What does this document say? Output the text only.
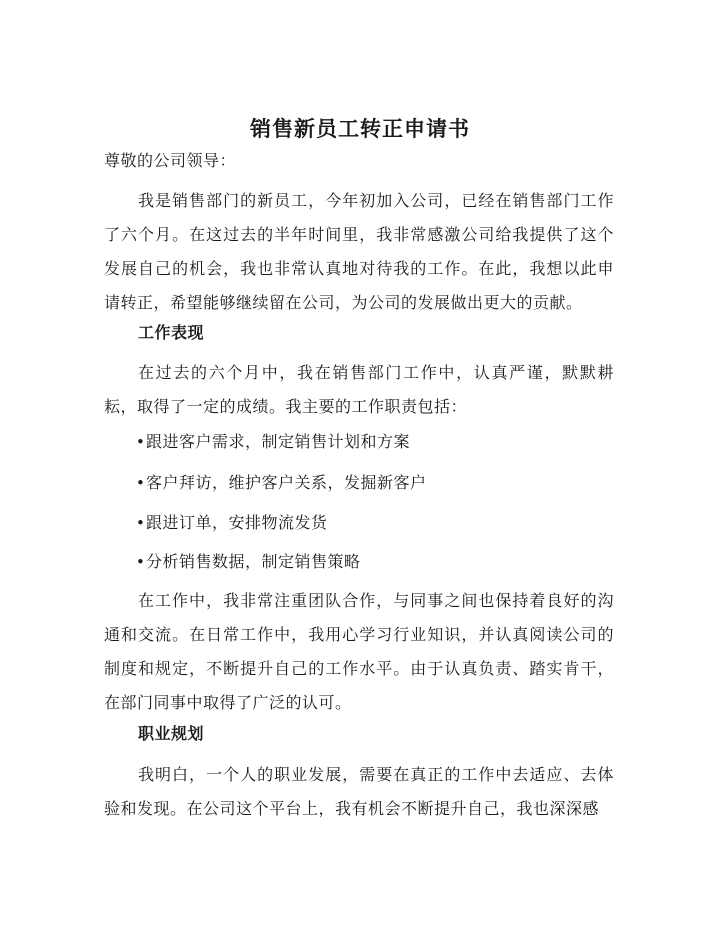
销售新员工转正申请书
尊敬的公司领导：
我是销售部门的新员工，今年初加入公司，已经在销售部门工作了六个月。在这过去的半年时间里，我非常感激公司给我提供了这个发展自己的机会，我也非常认真地对待我的工作。在此，我想以此申请转正，希望能够继续留在公司，为公司的发展做出更大的贡献。
工作表现
在过去的六个月中，我在销售部门工作中，认真严谨，默默耕耘，取得了一定的成绩。我主要的工作职责包括：
•跟进客户需求，制定销售计划和方案
•客户拜访，维护客户关系，发掘新客户
•跟进订单，安排物流发货
•分析销售数据，制定销售策略
在工作中，我非常注重团队合作，与同事之间也保持着良好的沟通和交流。在日常工作中，我用心学习行业知识，并认真阅读公司的制度和规定，不断提升自己的工作水平。由于认真负责、踏实肯干，在部门同事中取得了广泛的认可。
职业规划
我明白，一个人的职业发展，需要在真正的工作中去适应、去体验和发现。在公司这个平台上，我有机会不断提升自己，我也深深感
